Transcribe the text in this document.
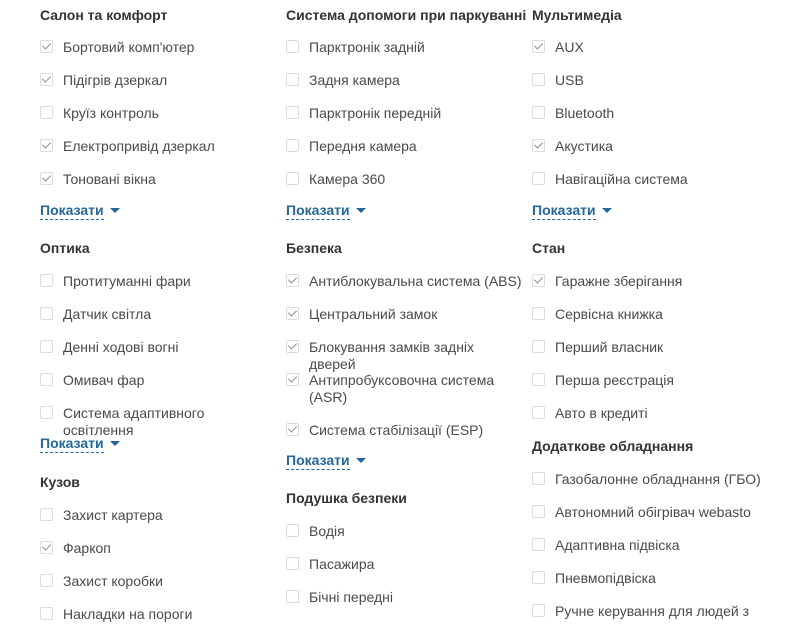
Салон та комфорт
Бортовий комп'ютер
Підігрів дзеркал
Круїз контроль
Електропривід дзеркал
Тоновані вікна
Показати
Оптика
Протитуманні фари
Датчик світла
Денні ходові вогні
Омивач фар
Система адаптивного освітлення
Показати
Кузов
Захист картера
Фаркоп
Захист коробки
Накладки на пороги
Система допомоги при паркуванні
Парктронік задній
Задня камера
Парктронік передній
Передня камера
Камера 360
Показати
Безпека
Антиблокувальна система (ABS)
Центральний замок
Блокування замків задніх дверей
Антипробуксовочна система (ASR)
Система стабілізації (ESP)
Показати
Подушка безпеки
Водія
Пасажира
Бічні передні
Мультимедіа
AUX
USB
Bluetooth
Акустика
Навігаційна система
Показати
Стан
Гаражне зберігання
Сервісна книжка
Перший власник
Перша реєстрація
Авто в кредиті
Додаткове обладнання
Газобалонне обладнання (ГБО)
Автономний обігрівач webasto
Адаптивна підвіска
Пневмопідвіска
Ручне керування для людей з
